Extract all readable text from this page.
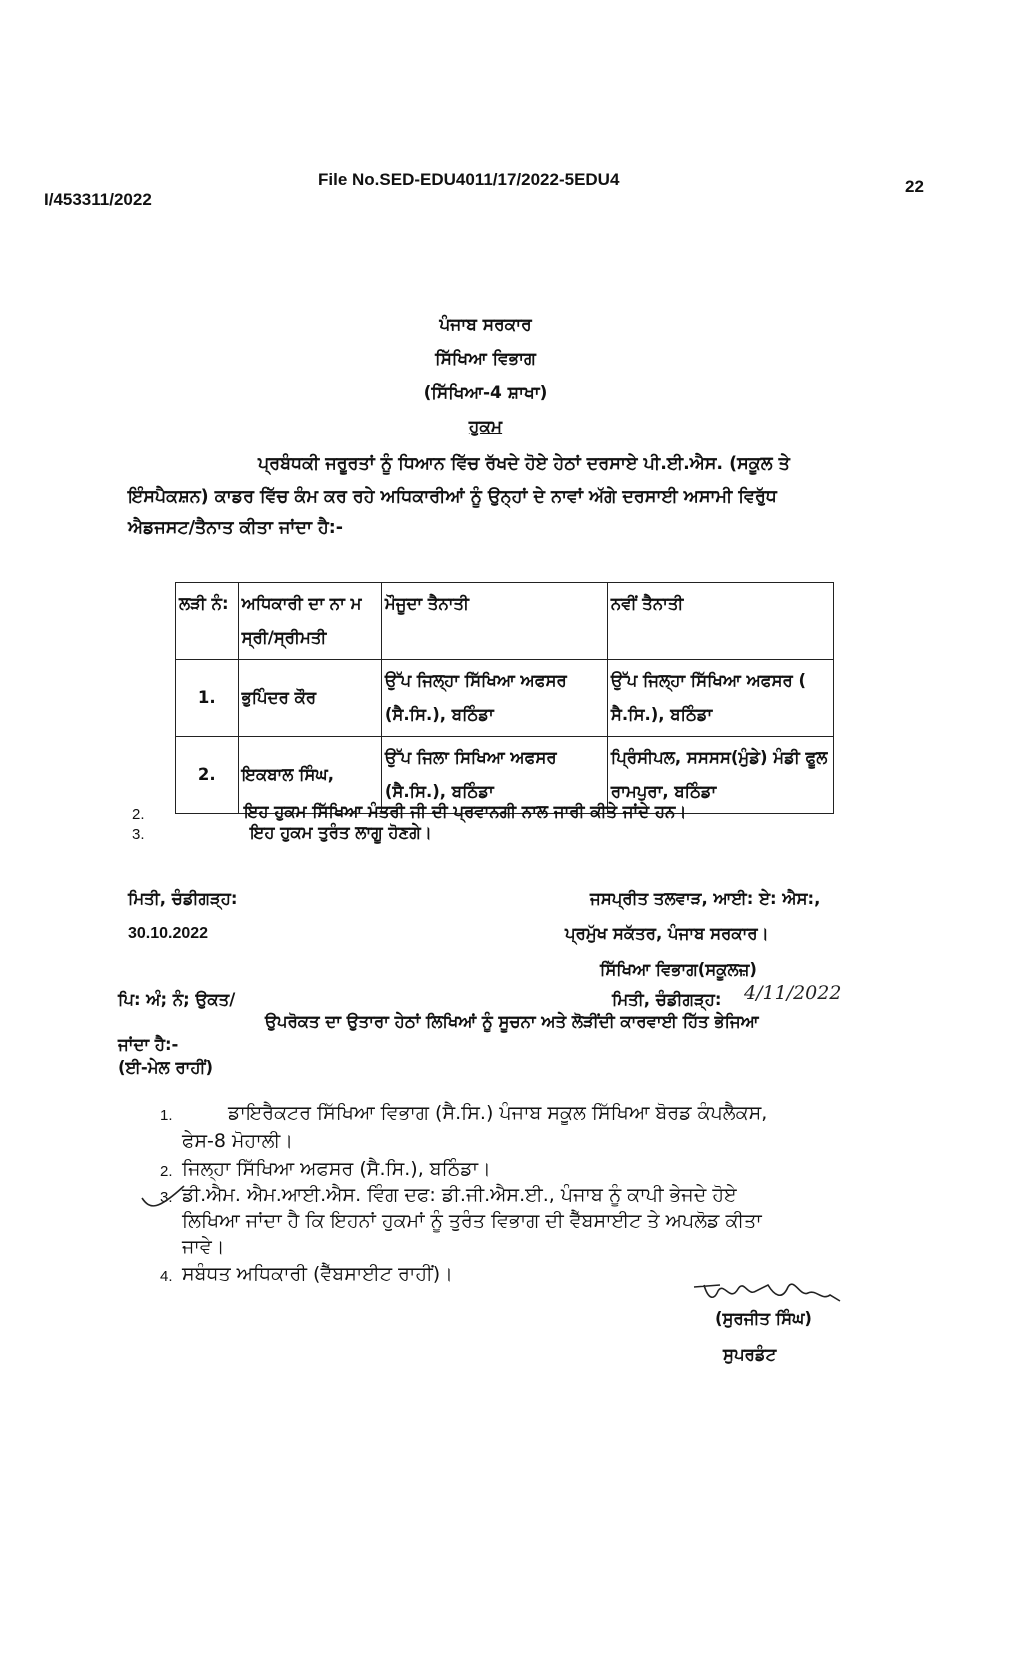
File No.SED-EDU4011/17/2022-5EDU4
I/453311/2022
22
ਪੰਜਾਬ ਸਰਕਾਰ
ਸਿੱਖਿਆ ਵਿਭਾਗ
(ਸਿੱਖਿਆ-4 ਸ਼ਾਖਾ)
ਹੁਕਮ
ਪ੍ਰਬੰਧਕੀ ਜਰੂਰਤਾਂ ਨੂੰ ਧਿਆਨ ਵਿੱਚ ਰੱਖਦੇ ਹੋਏ ਹੇਠਾਂ ਦਰਸਾਏ ਪੀ.ਈ.ਐਸ. (ਸਕੂਲ ਤੇ
ਇੰਸਪੈਕਸ਼ਨ) ਕਾਡਰ ਵਿੱਚ ਕੰਮ ਕਰ ਰਹੇ ਅਧਿਕਾਰੀਆਂ ਨੂੰ ਉਨ੍ਹਾਂ ਦੇ ਨਾਵਾਂ ਅੱਗੇ ਦਰਸਾਈ ਅਸਾਮੀ ਵਿਰੁੱਧ
ਐਡਜਸਟ/ਤੈਨਾਤ ਕੀਤਾ ਜਾਂਦਾ ਹੈ:-
ਲੜੀ ਨੰ:	ਅਧਿਕਾਰੀ ਦਾ ਨਾ ਮ ਸ੍ਰੀ/ਸ੍ਰੀਮਤੀ	ਮੌਜੂਦਾ ਤੈਨਾਤੀ	ਨਵੀਂ ਤੈਨਾਤੀ
1.	ਭੁਪਿੰਦਰ ਕੌਰ	ਉੱਪ ਜਿਲ੍ਹਾ ਸਿੱਖਿਆ ਅਫਸਰ (ਸੈ.ਸਿ.), ਬਠਿੰਡਾ	ਉੱਪ ਜਿਲ੍ਹਾ ਸਿੱਖਿਆ ਅਫਸਰ ( ਸੈ.ਸਿ.), ਬਠਿੰਡਾ
2.	ਇਕਬਾਲ ਸਿੰਘ,	ਉੱਪ ਜਿਲਾ ਸਿਖਿਆ ਅਫਸਰ (ਸੈ.ਸਿ.), ਬਠਿੰਡਾ	ਪ੍ਰਿੰਸੀਪਲ, ਸਸਸਸ(ਮੁੰਡੇ) ਮੰਡੀ ਫੂਲ ਰਾਮਪੁਰਾ, ਬਠਿੰਡਾ
2.	ਇਹ ਹੁਕਮ ਸਿੱਖਿਆ ਮੰਤਰੀ ਜੀ ਦੀ ਪ੍ਰਵਾਨਗੀ ਨਾਲ ਜਾਰੀ ਕੀਤੇ ਜਾਂਦੇ ਹਨ।
3.	ਇਹ ਹੁਕਮ ਤੁਰੰਤ ਲਾਗੂ ਹੋਣਗੇ।
ਮਿਤੀ, ਚੰਡੀਗੜ੍ਹ:
30.10.2022
ਜਸਪ੍ਰੀਤ ਤਲਵਾੜ, ਆਈ: ਏ: ਐਸ:,
ਪ੍ਰਮੁੱਖ ਸਕੱਤਰ, ਪੰਜਾਬ ਸਰਕਾਰ।
ਸਿੱਖਿਆ ਵਿਭਾਗ(ਸਕੂਲਜ਼)
ਪਿ: ਅੰ; ਨੰ; ਉਕਤ/	ਮਿਤੀ, ਚੰਡੀਗੜ੍ਹ: 4/11/2022
ਉਪਰੋਕਤ ਦਾ ਉਤਾਰਾ ਹੇਠਾਂ ਲਿਖਿਆਂ ਨੂੰ ਸੂਚਨਾ ਅਤੇ ਲੋੜੀਂਦੀ ਕਾਰਵਾਈ ਹਿੱਤ ਭੇਜਿਆ
ਜਾਂਦਾ ਹੈ:-
(ਈ-ਮੇਲ ਰਾਹੀਂ)
1.	ਡਾਇਰੈਕਟਰ ਸਿੱਖਿਆ ਵਿਭਾਗ (ਸੈ.ਸਿ.) ਪੰਜਾਬ ਸਕੂਲ ਸਿੱਖਿਆ ਬੋਰਡ ਕੰਪਲੈਕਸ,
ਫੇਸ-8 ਮੋਹਾਲੀ।
2. ਜਿਲ੍ਹਾ ਸਿੱਖਿਆ ਅਫਸਰ (ਸੈ.ਸਿ.), ਬਠਿੰਡਾ।
3. ਡੀ.ਐਮ. ਐਮ.ਆਈ.ਐਸ. ਵਿੰਗ ਦਫ: ਡੀ.ਜੀ.ਐਸ.ਈ., ਪੰਜਾਬ ਨੂੰ ਕਾਪੀ ਭੇਜਦੇ ਹੋਏ
ਲਿਖਿਆ ਜਾਂਦਾ ਹੈ ਕਿ ਇਹਨਾਂ ਹੁਕਮਾਂ ਨੂੰ ਤੁਰੰਤ ਵਿਭਾਗ ਦੀ ਵੈੱਬਸਾਈਟ ਤੇ ਅਪਲੋਡ ਕੀਤਾ
ਜਾਵੇ।
4. ਸਬੰਧਤ ਅਧਿਕਾਰੀ (ਵੈੱਬਸਾਈਟ ਰਾਹੀਂ)।
(ਸੁਰਜੀਤ ਸਿੰਘ)
ਸੁਪਰਡੰਟ
